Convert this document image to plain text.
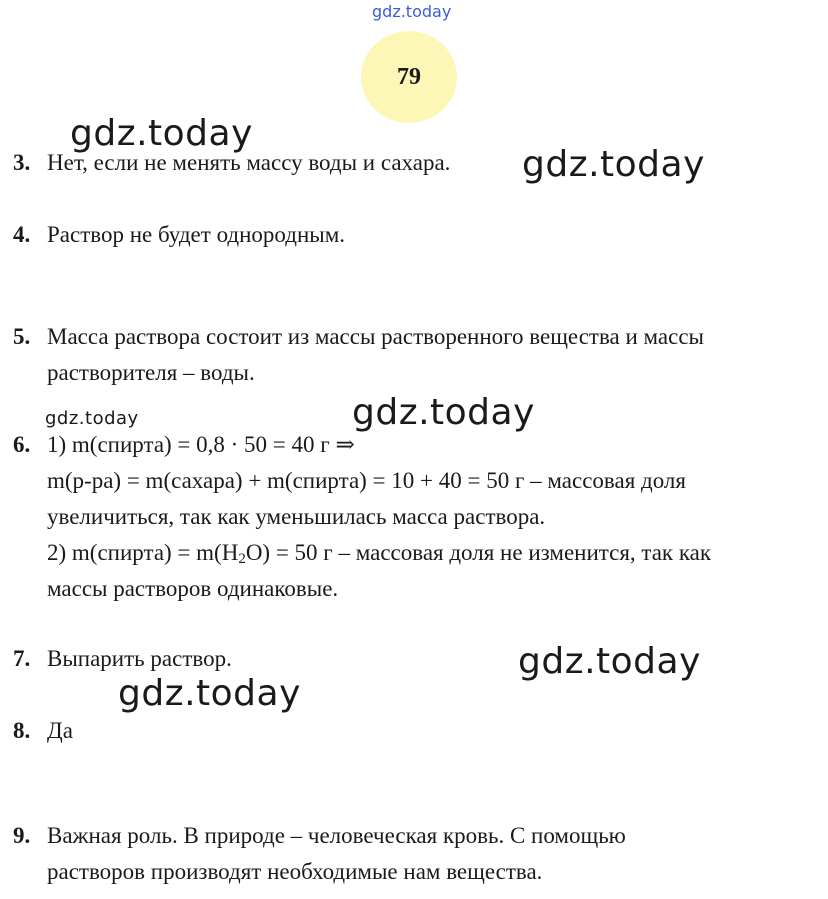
gdz.today
79
gdz.today
gdz.today
gdz.today	gdz.today
gdz.today
gdz.today
3. Нет, если не менять массу воды и сахара.
4. Раствор не будет однородным.
5. Масса раствора состоит из массы растворенного вещества и массы
растворителя – воды.
6. 1) m(спирта) = 0,8 · 50 = 40 г ⇒
m(р-ра) = m(сахара) + m(спирта) = 10 + 40 = 50 г – массовая доля
увеличиться, так как уменьшилась масса раствора.
2) m(спирта) = $m(H_2O) = 50$ г – массовая доля не изменится, так как
массы растворов одинаковые.
7. Выпарить раствор.
8. Да
9. Важная роль. В природе – человеческая кровь. С помощью
растворов производят необходимые нам вещества.
